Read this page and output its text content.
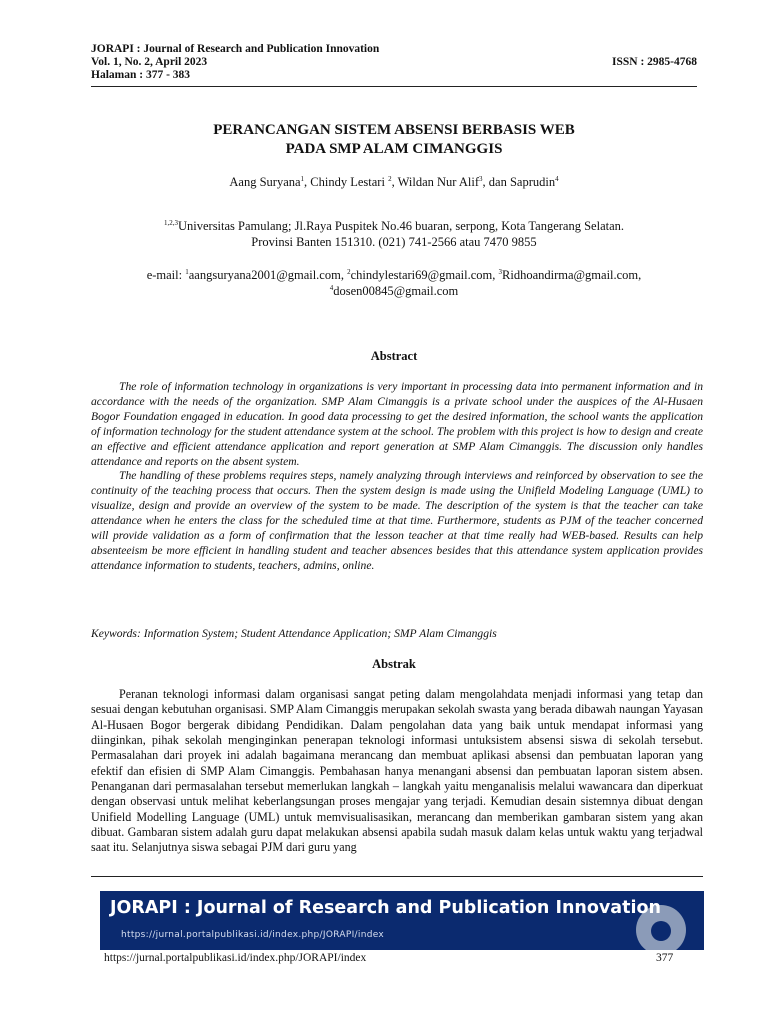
JORAPI : Journal of Research and Publication Innovation
Vol. 1, No. 2, April 2023	ISSN : 2985-4768
Halaman : 377 - 383
PERANCANGAN SISTEM ABSENSI BERBASIS WEB
PADA SMP ALAM CIMANGGIS
Aang Suryana$^1$, Chindy Lestari $^2$, Wildan Nur Alif$^3$, dan Saprudin$^4$
$^{1,2,3}$Universitas Pamulang; Jl.Raya Puspitek No.46 buaran, serpong, Kota Tangerang Selatan.
Provinsi Banten 151310. (021) 741-2566 atau 7470 9855
e-mail: $^1$aangsuryana2001@gmail.com, $^2$chindylestari69@gmail.com, $^3$Ridhoandirma@gmail.com,
$^4$dosen00845@gmail.com
Abstract

The role of information technology in organizations is very important in processing data into permanent information and in accordance with the needs of the organization. SMP Alam Cimanggis is a private school under the auspices of the Al-Husaen Bogor Foundation engaged in education. In good data processing to get the desired information, the school wants the application of information technology for the student attendance system at the school. The problem with this project is how to design and create an effective and efficient attendance application and report generation at SMP Alam Cimanggis. The discussion only handles attendance and reports on the absent system.

The handling of these problems requires steps, namely analyzing through interviews and reinforced by observation to see the continuity of the teaching process that occurs. Then the system design is made using the Unifield Modeling Language (UML) to visualize, design and provide an overview of the system to be made. The description of the system is that the teacher can take attendance when he enters the class for the scheduled time at that time. Furthermore, students as PJM of the teacher concerned will provide validation as a form of confirmation that the lesson teacher at that time really had WEB-based. Results can help absenteeism be more efficient in handling student and teacher absences besides that this attendance system application provides attendance information to students, teachers, admins, online.

Keywords: Information System; Student Attendance Application; SMP Alam Cimanggis
Abstrak

Peranan teknologi informasi dalam organisasi sangat peting dalam mengolahdata menjadi informasi yang tetap dan sesuai dengan kebutuhan organisasi. SMP Alam Cimanggis merupakan sekolah swasta yang berada dibawah naungan Yayasan Al-Husaen Bogor bergerak dibidang Pendidikan. Dalam pengolahan data yang baik untuk mendapat informasi yang diinginkan, pihak sekolah menginginkan penerapan teknologi informasi untuksistem absensi siswa di sekolah tersebut. Permasalahan dari proyek ini adalah bagaimana merancang dan membuat aplikasi absensi dan pembuatan laporan yang efektif dan efisien di SMP Alam Cimanggis. Pembahasan hanya menangani absensi dan pembuatan laporan sistem absen. Penanganan dari permasalahan tersebut memerlukan langkah – langkah yaitu menganalisis melalui wawancara dan diperkuat dengan observasi untuk melihat keberlangsungan proses mengajar yang terjadi. Kemudian desain sistemnya dibuat dengan Unifield Modelling Language (UML) untuk memvisualisasikan, merancang dan memberikan gambaran sistem yang akan dibuat. Gambaran sistem adalah guru dapat melakukan absensi apabila sudah masuk dalam kelas untuk waktu yang terjadwal saat itu. Selanjutnya siswa sebagai PJM dari guru yang

JORAPI : Journal of Research and Publication Innovation
https://jurnal.portalpublikasi.id/index.php/JORAPI/index
https://jurnal.portalpublikasi.id/index.php/JORAPI/index	377
